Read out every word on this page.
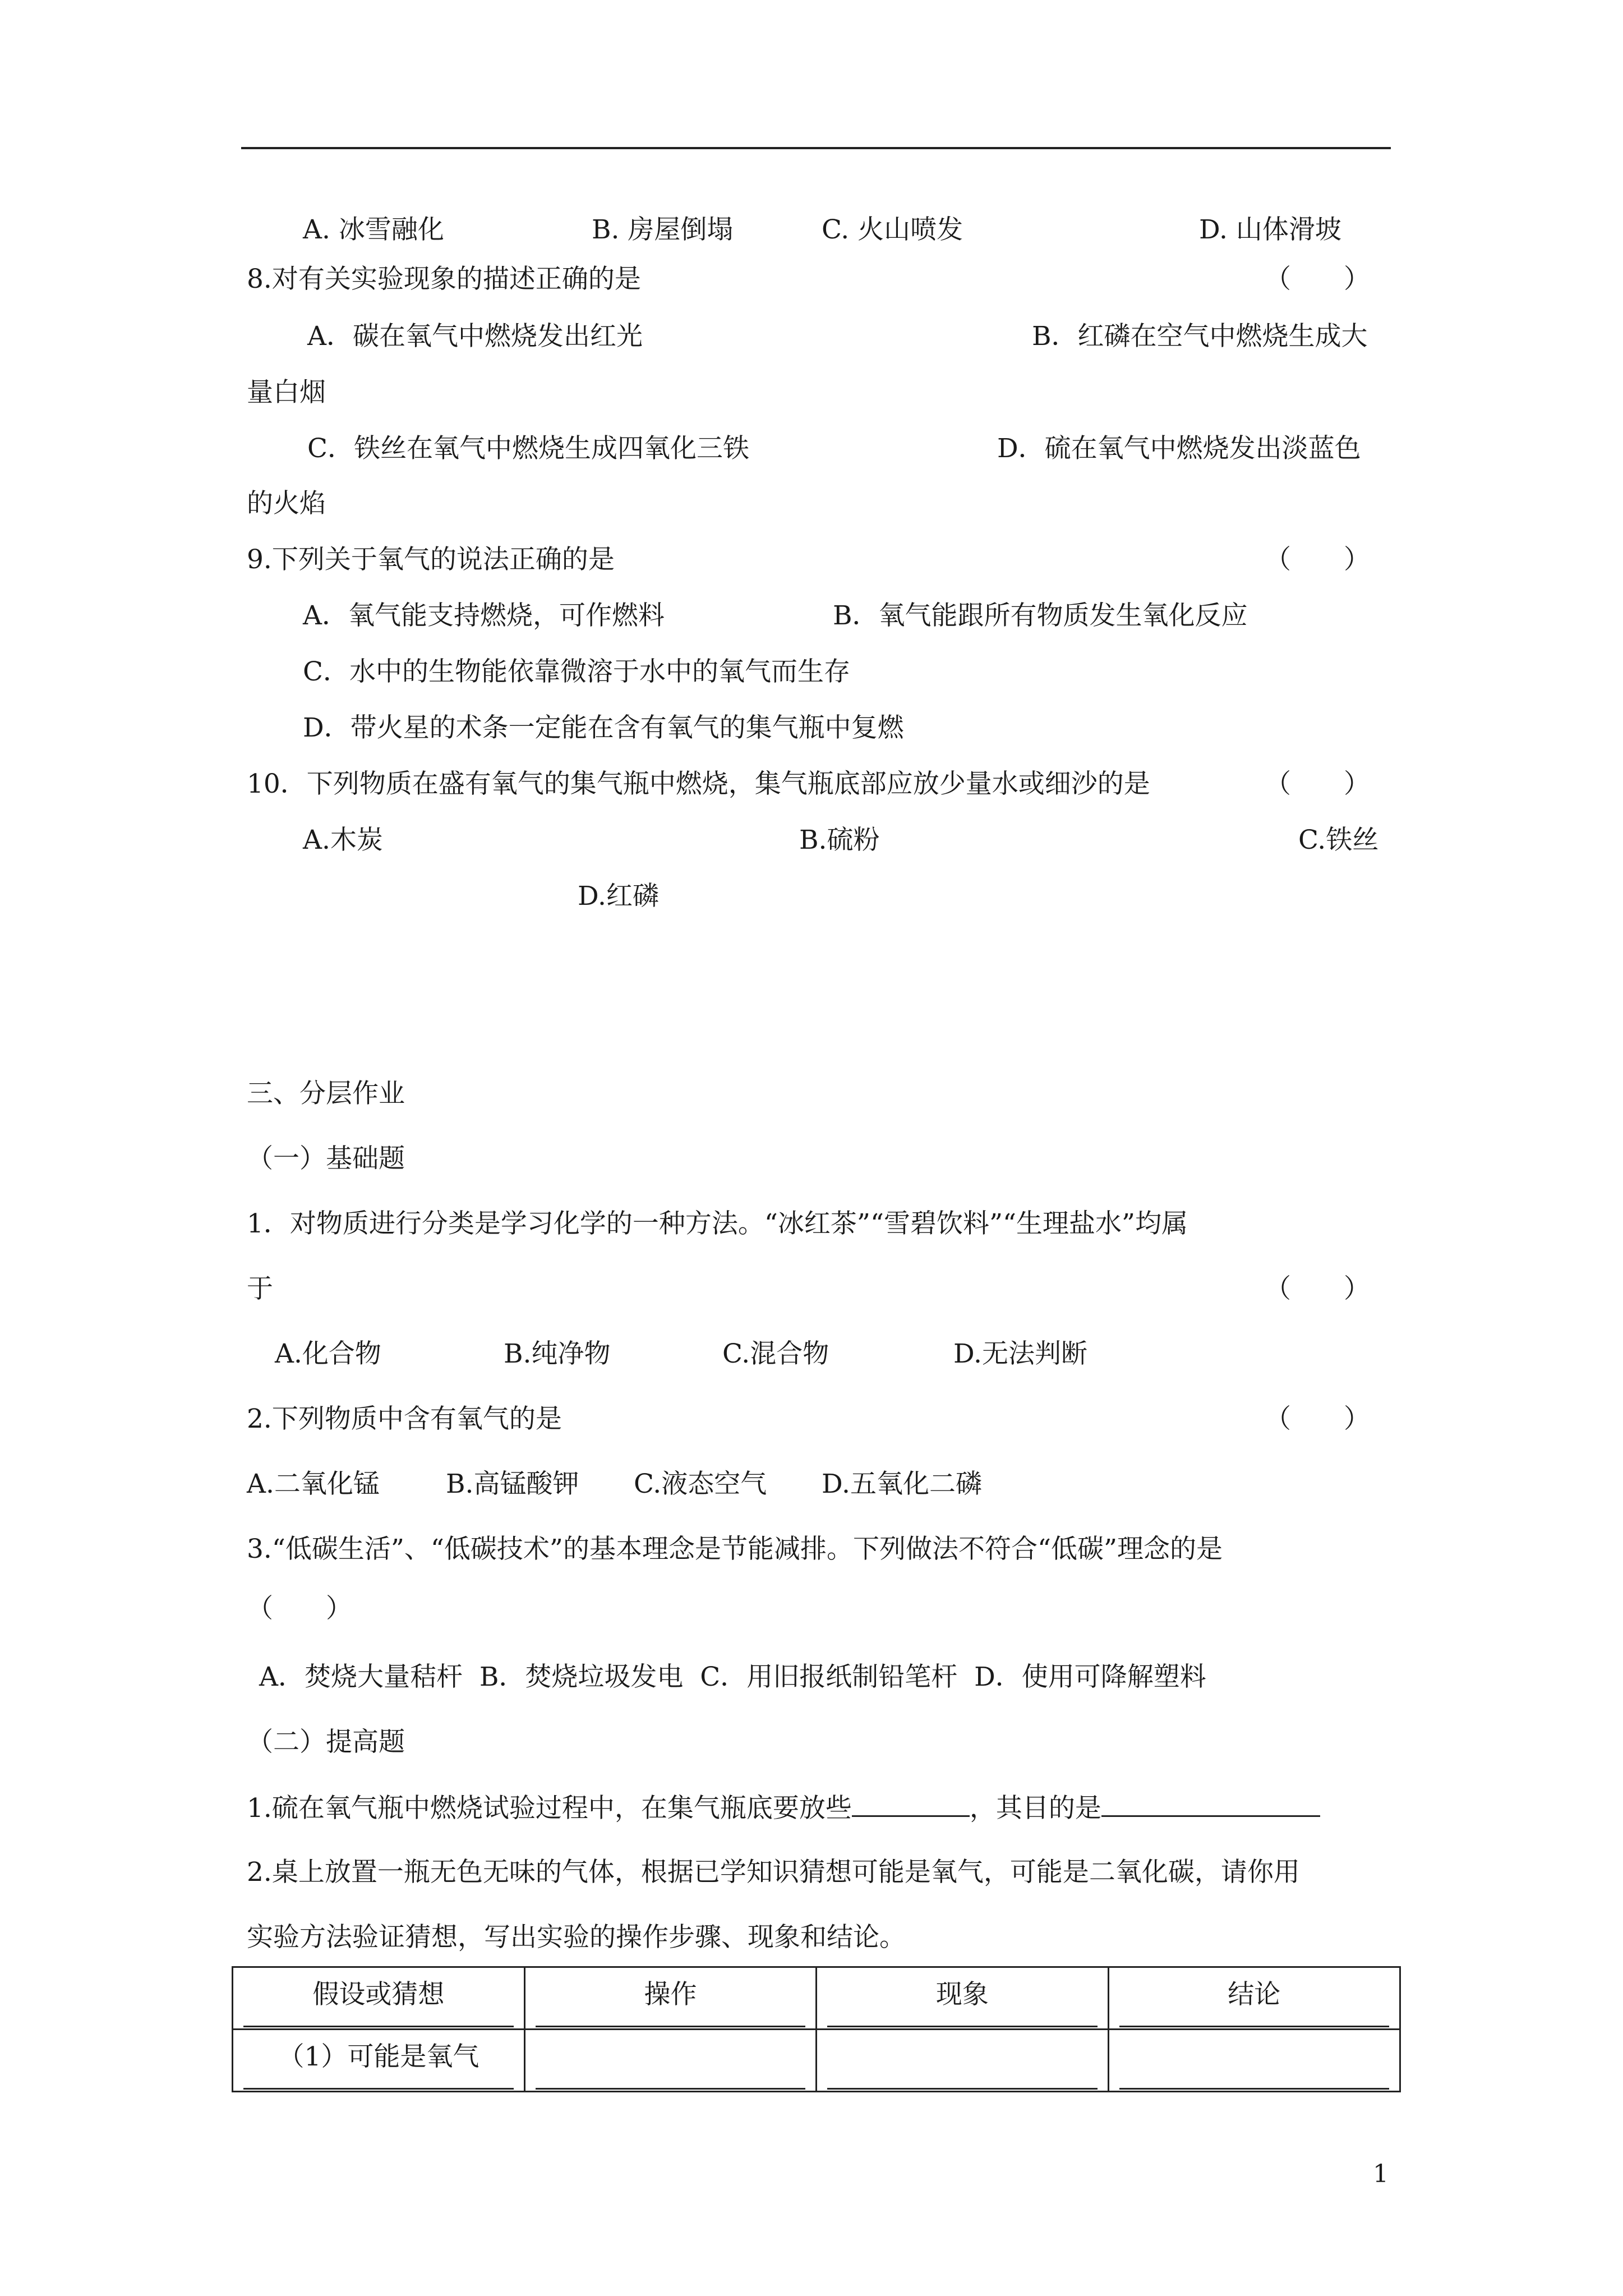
A. 冰雪融化	B. 房屋倒塌	C. 火山喷发	D. 山体滑坡
8.对有关实验现象的描述正确的是	（　　）
A．碳在氧气中燃烧发出红光	B．红磷在空气中燃烧生成大
量白烟
C．铁丝在氧气中燃烧生成四氧化三铁	D．硫在氧气中燃烧发出淡蓝色
的火焰
9.下列关于氧气的说法正确的是	（　　）
A．氧气能支持燃烧，可作燃料	B．氧气能跟所有物质发生氧化反应
C．水中的生物能依靠微溶于水中的氧气而生存
D．带火星的术条一定能在含有氧气的集气瓶中复燃
10．下列物质在盛有氧气的集气瓶中燃烧，集气瓶底部应放少量水或细沙的是	（　　）
A.木炭	B.硫粉	C.铁丝
D.红磷
三、分层作业
（一）基础题
1．对物质进行分类是学习化学的一种方法。“冰红茶”“雪碧饮料”“生理盐水”均属
于	（　　）
A.化合物	B.纯净物	C.混合物	D.无法判断
2.下列物质中含有氧气的是	（　　）
A.二氧化锰	B.高锰酸钾 C.液态空气 D.五氧化二磷
3.“低碳生活”、“低碳技术”的基本理念是节能减排。下列做法不符合“低碳”理念的是
（　　）
A．焚烧大量秸杆  B．焚烧垃圾发电  C．用旧报纸制铅笔杆  D．使用可降解塑料
（二）提高题
1.硫在氧气瓶中燃烧试验过程中，在集气瓶底要放些	，其目的是
2.桌上放置一瓶无色无味的气体，根据已学知识猜想可能是氧气，可能是二氧化碳，请你用
实验方法验证猜想，写出实验的操作步骤、现象和结论。
假设或猜想	操作	现象	结论

（1）可能是氧气			

1
